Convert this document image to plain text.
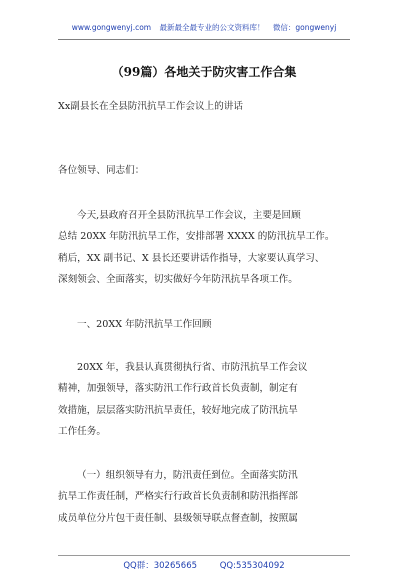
www.gongwenyj.com 最新最全最专业的公文资料库！ 微信：gongwenyj
（99篇）各地关于防灾害工作合集
Xx副县长在全县防汛抗旱工作会议上的讲话
各位领导、同志们：
今天,县政府召开全县防汛抗旱工作会议，主要是回顾
总结 20XX 年防汛抗旱工作，安排部署 XXXX 的防汛抗旱工作。
稍后，XX 副书记、X 县长还要讲话作指导，大家要认真学习、
深刻领会、全面落实，切实做好今年防汛抗旱各项工作。
一、20XX 年防汛抗旱工作回顾
20XX 年，我县认真贯彻执行省、市防汛抗旱工作会议
精神，加强领导，落实防汛工作行政首长负责制，制定有
效措施，层层落实防汛抗旱责任，较好地完成了防汛抗旱
工作任务。
（一）组织领导有力，防汛责任到位。全面落实防汛
抗旱工作责任制，严格实行行政首长负责制和防汛指挥部
成员单位分片包干责任制、县级领导联点督查制，按照属
QQ群：30265665	QQ:535304092
